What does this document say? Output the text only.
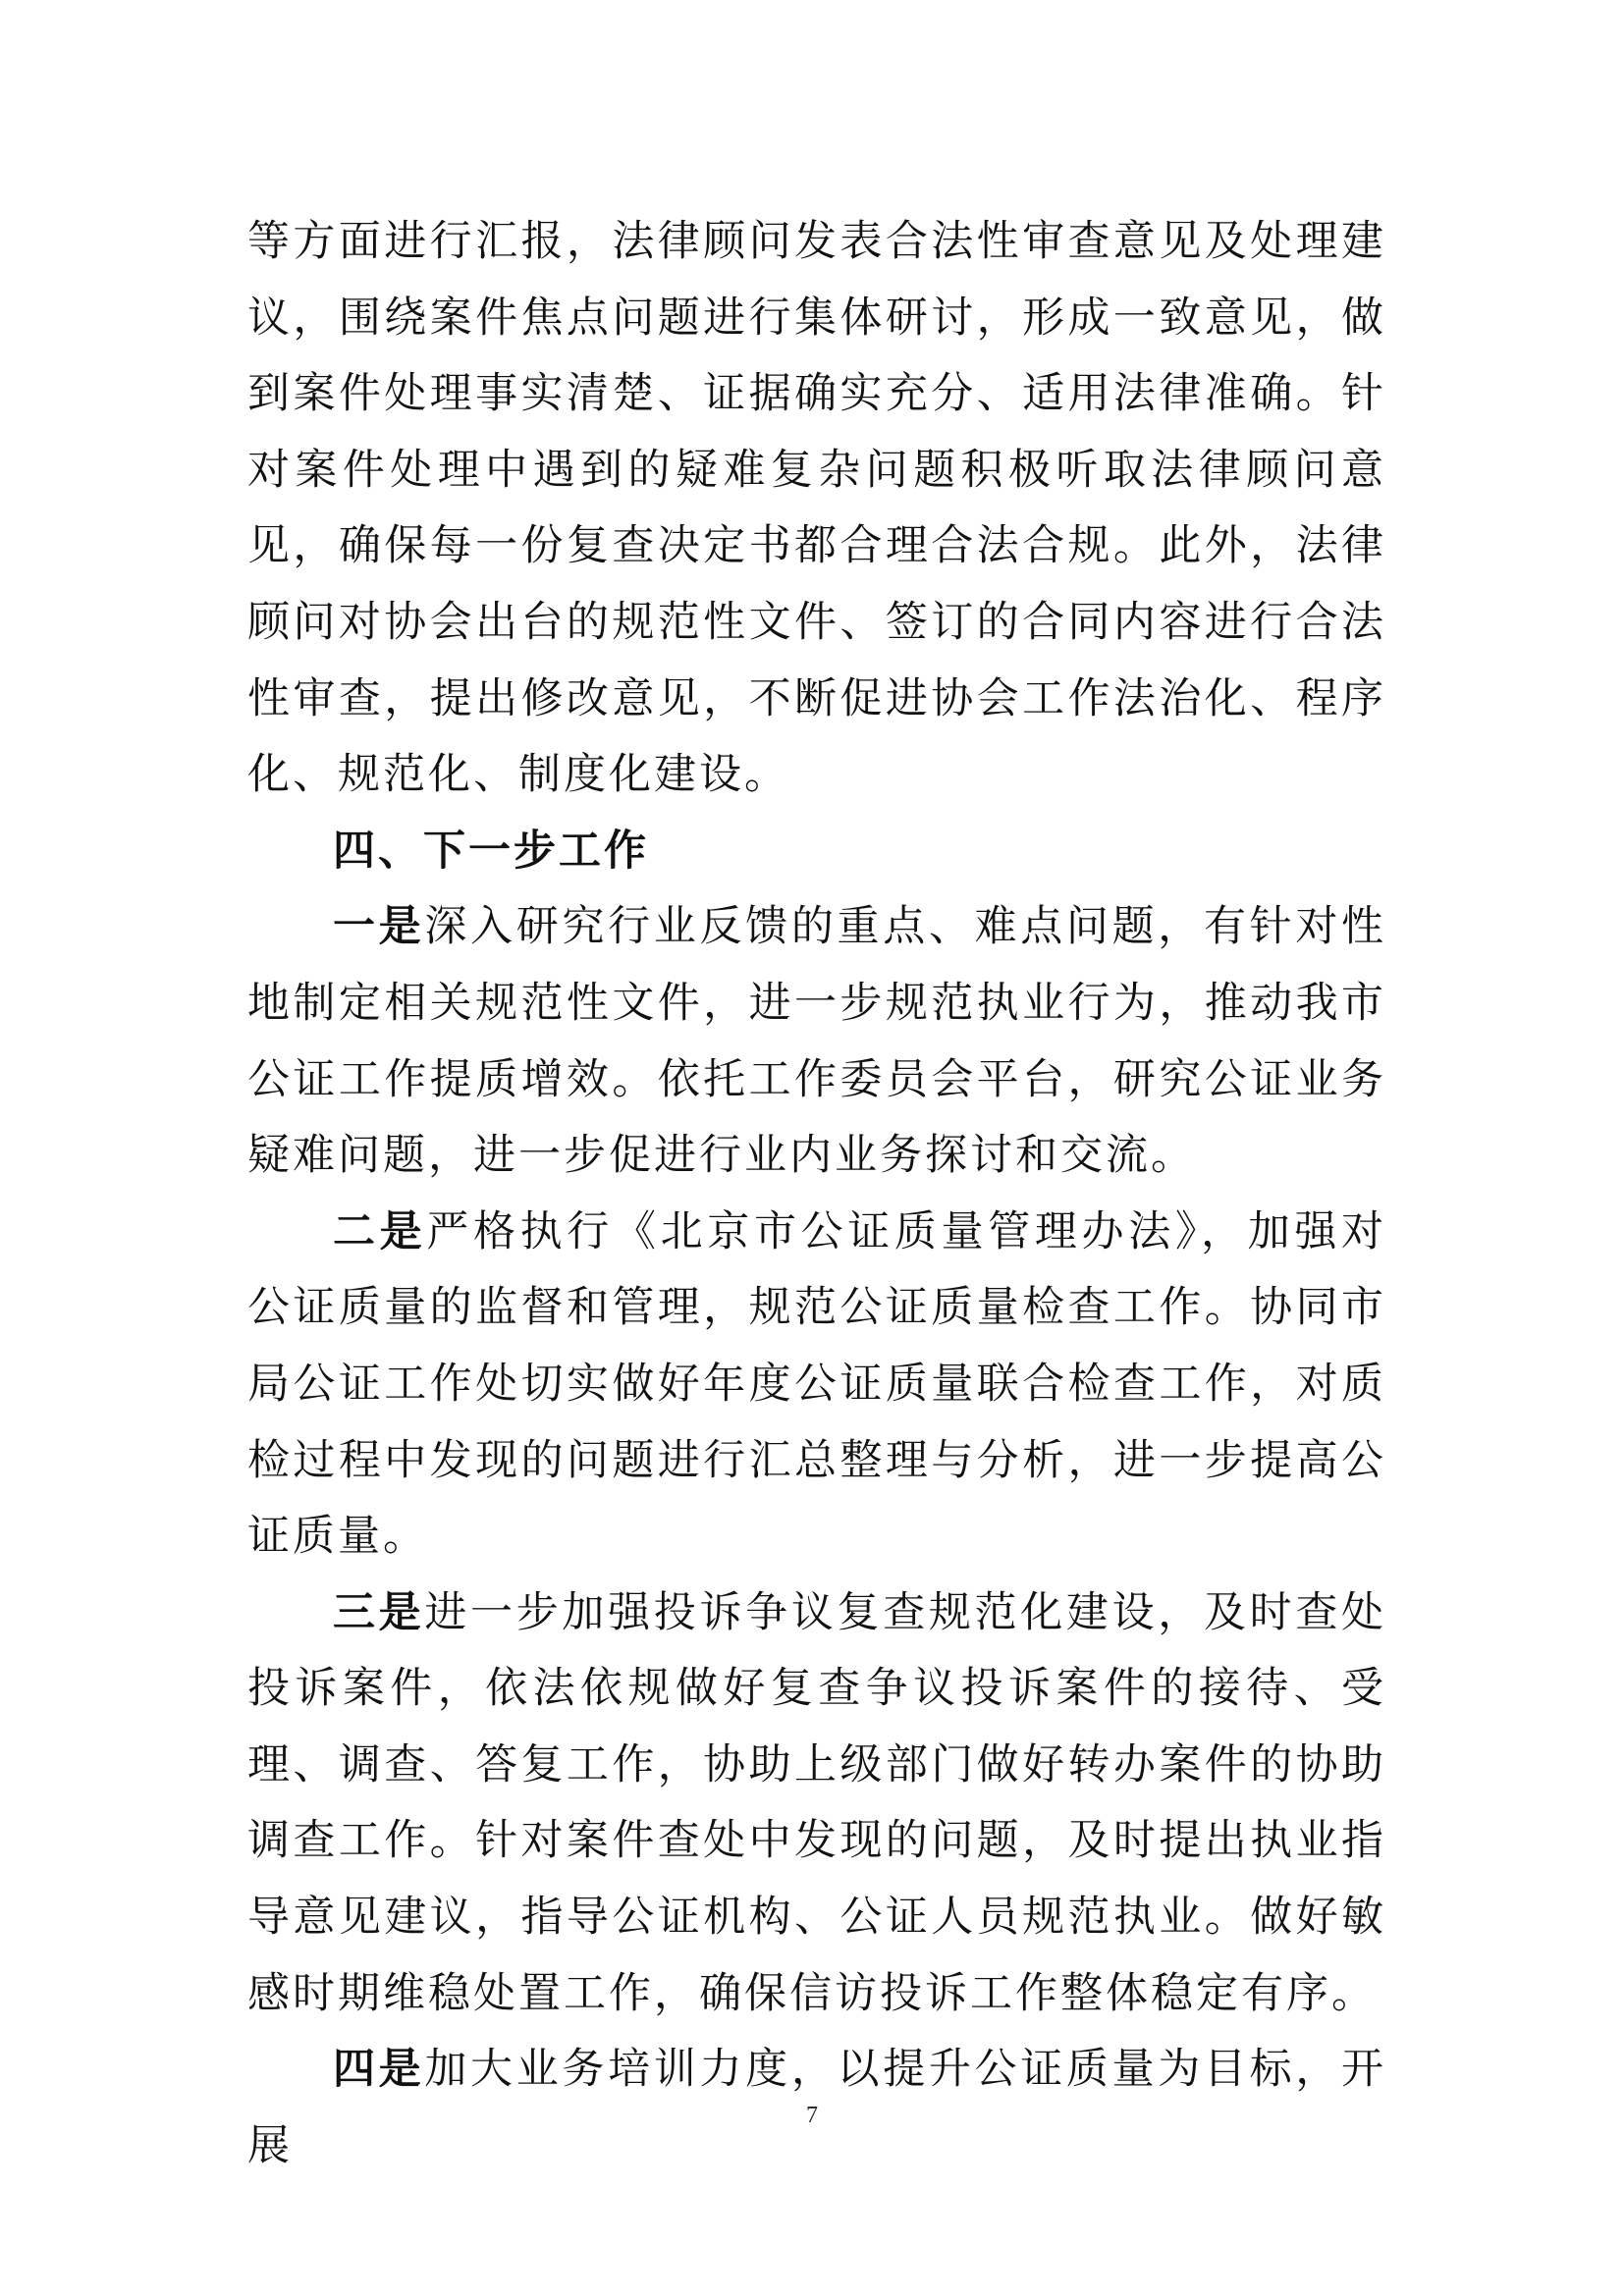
等方面进行汇报，法律顾问发表合法性审查意见及处理建议，围绕案件焦点问题进行集体研讨，形成一致意见，做到案件处理事实清楚、证据确实充分、适用法律准确。针对案件处理中遇到的疑难复杂问题积极听取法律顾问意见，确保每一份复查决定书都合理合法合规。此外，法律顾问对协会出台的规范性文件、签订的合同内容进行合法性审查，提出修改意见，不断促进协会工作法治化、程序化、规范化、制度化建设。

四、下一步工作

一是深入研究行业反馈的重点、难点问题，有针对性地制定相关规范性文件，进一步规范执业行为，推动我市公证工作提质增效。依托工作委员会平台，研究公证业务疑难问题，进一步促进行业内业务探讨和交流。

二是严格执行《北京市公证质量管理办法》，加强对公证质量的监督和管理，规范公证质量检查工作。协同市局公证工作处切实做好年度公证质量联合检查工作，对质检过程中发现的问题进行汇总整理与分析，进一步提高公证质量。

三是进一步加强投诉争议复查规范化建设，及时查处投诉案件，依法依规做好复查争议投诉案件的接待、受理、调查、答复工作，协助上级部门做好转办案件的协助调查工作。针对案件查处中发现的问题，及时提出执业指导意见建议，指导公证机构、公证人员规范执业。做好敏感时期维稳处置工作，确保信访投诉工作整体稳定有序。

四是加大业务培训力度，以提升公证质量为目标，开展

7
